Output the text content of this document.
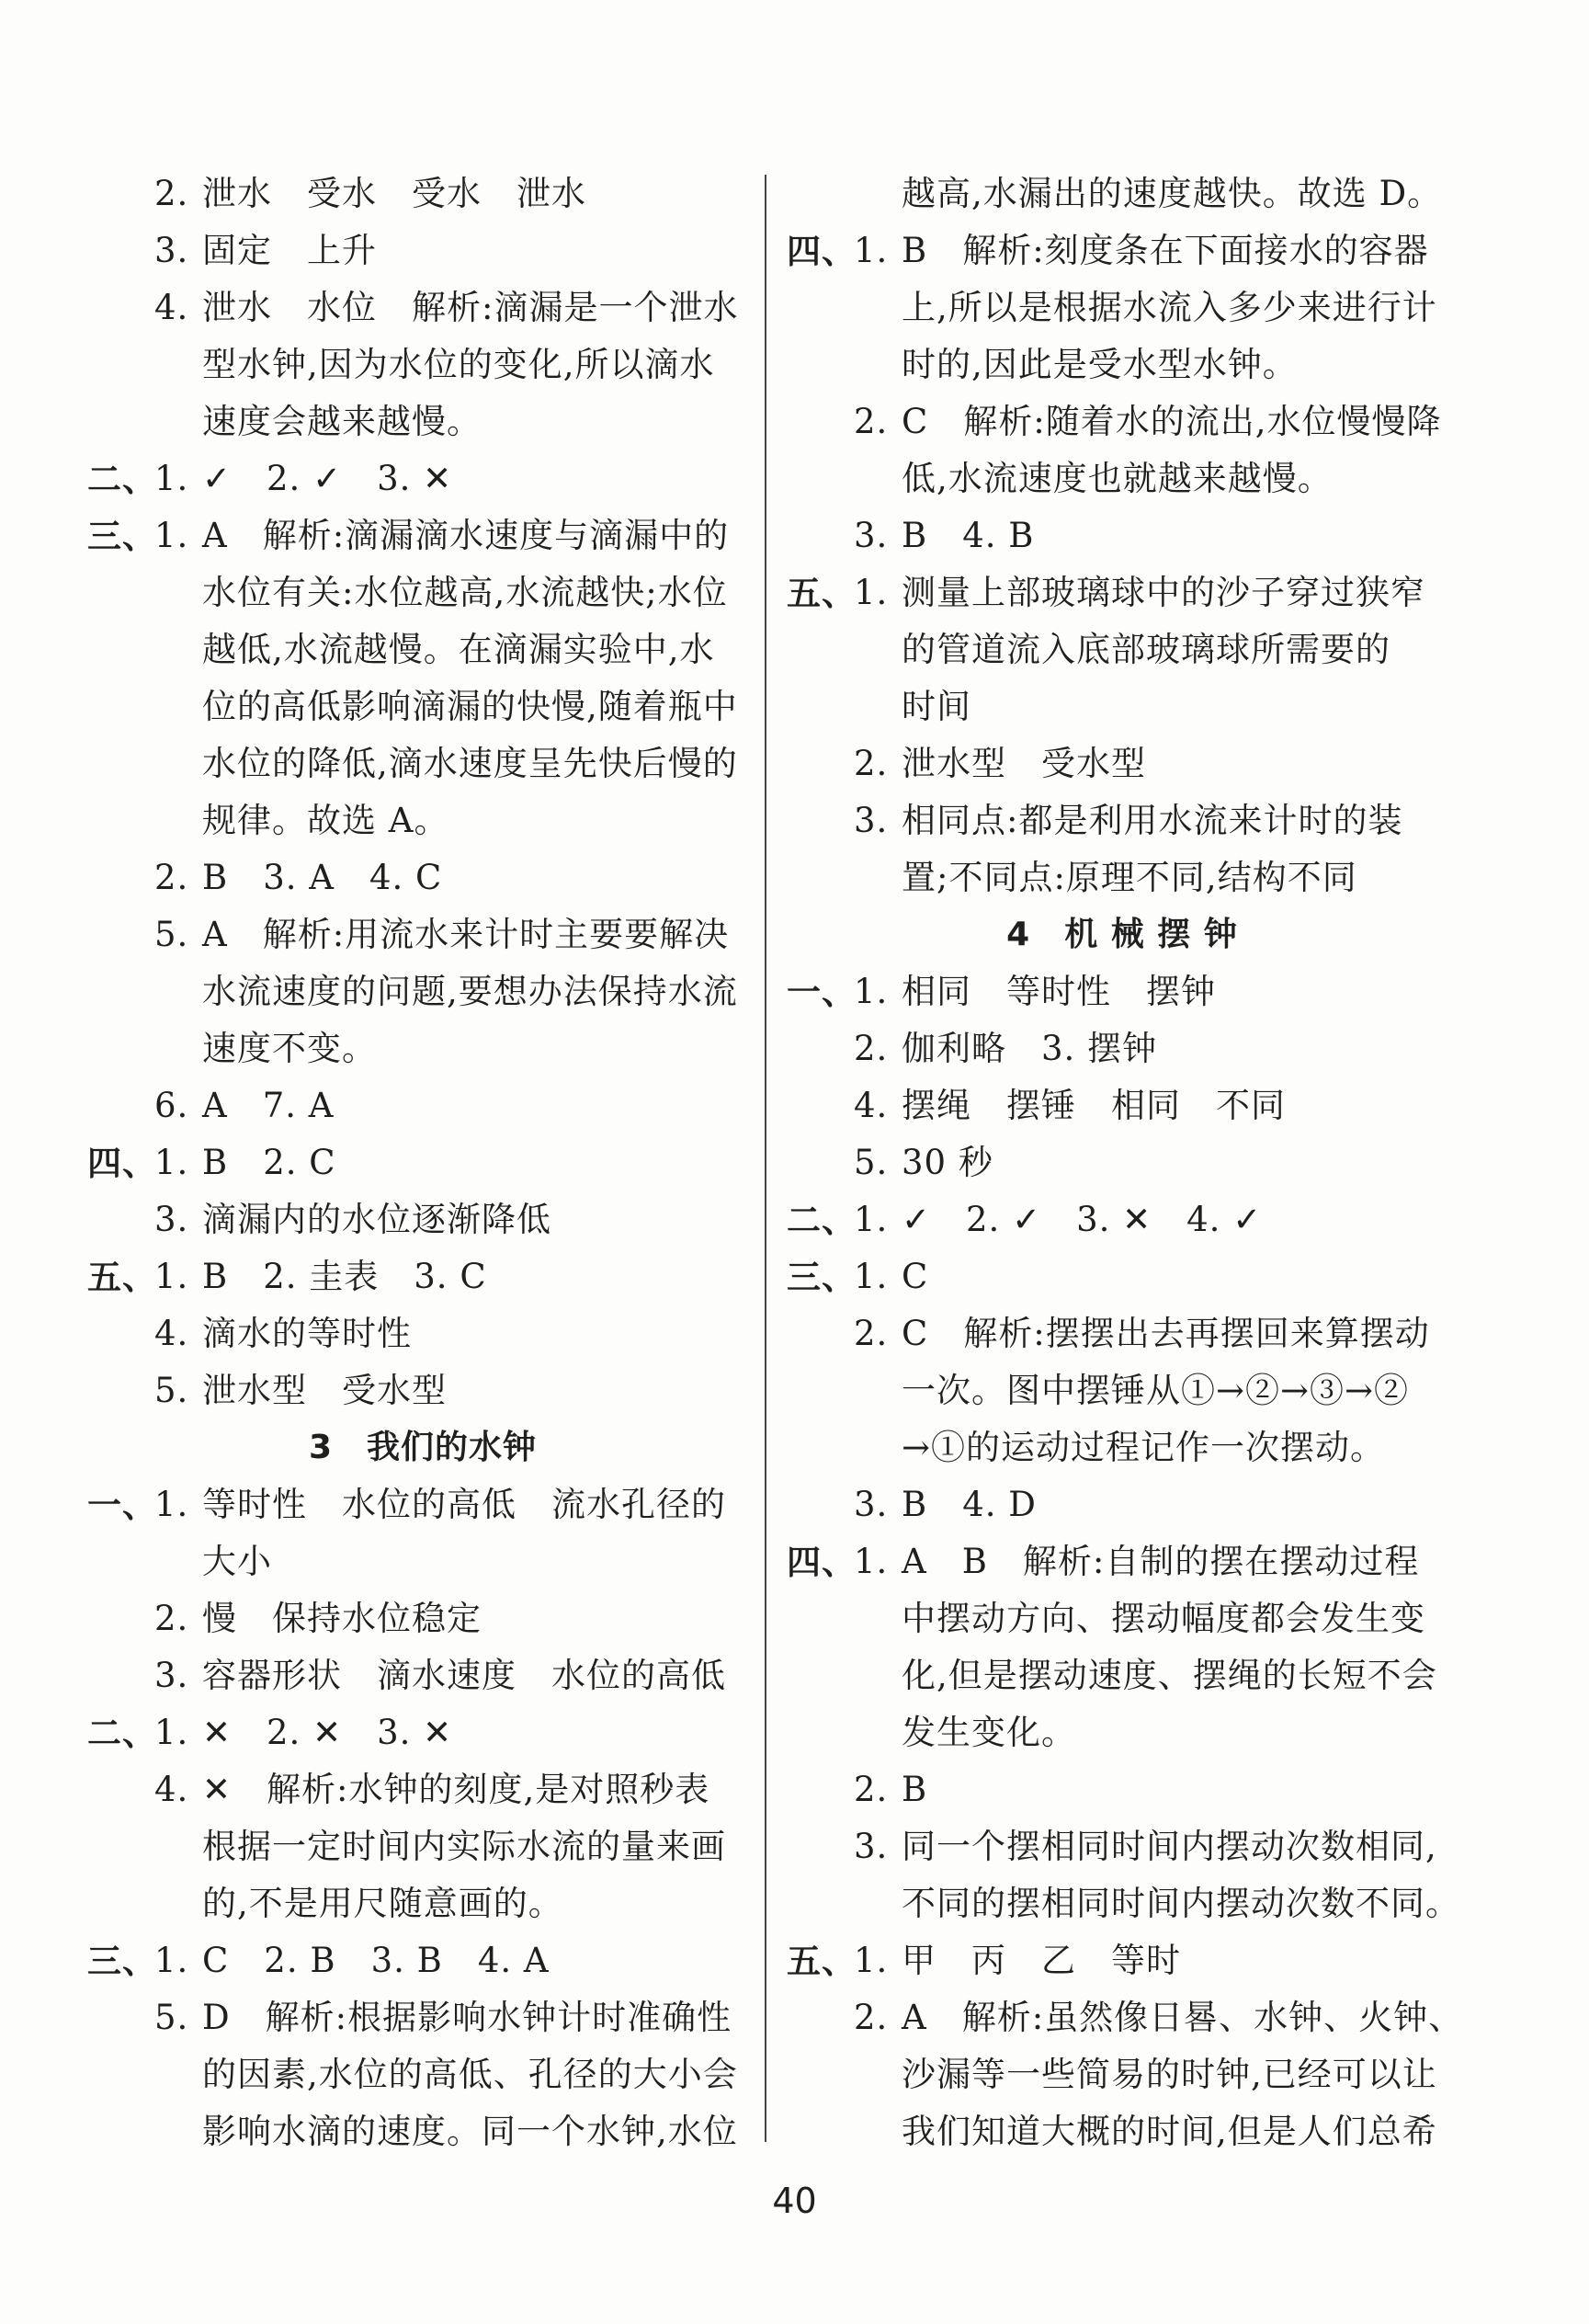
2. 泄水　受水　受水　泄水
3. 固定　上升
4. 泄水　水位　解析:滴漏是一个泄水
型水钟,因为水位的变化,所以滴水
速度会越来越慢。
二、
1. ✓　2. ✓　3. ✕
三、
1. A　解析:滴漏滴水速度与滴漏中的
水位有关:水位越高,水流越快;水位
越低,水流越慢。在滴漏实验中,水
位的高低影响滴漏的快慢,随着瓶中
水位的降低,滴水速度呈先快后慢的
规律。故选 A。
2. B　3. A　4. C
5. A　解析:用流水来计时主要要解决
水流速度的问题,要想办法保持水流
速度不变。
6. A　7. A
四、
1. B　2. C
3. 滴漏内的水位逐渐降低
五、
1. B　2. 圭表　3. C
4. 滴水的等时性
5. 泄水型　受水型
3　我们的水钟
一、
1. 等时性　水位的高低　流水孔径的
大小
2. 慢　保持水位稳定
3. 容器形状　滴水速度　水位的高低
二、
1. ✕　2. ✕　3. ✕
4. ✕　解析:水钟的刻度,是对照秒表
根据一定时间内实际水流的量来画
的,不是用尺随意画的。
三、
1. C　2. B　3. B　4. A
5. D　解析:根据影响水钟计时准确性
的因素,水位的高低、孔径的大小会
影响水滴的速度。同一个水钟,水位
越高,水漏出的速度越快。故选 D。
四、
1. B　解析:刻度条在下面接水的容器
上,所以是根据水流入多少来进行计
时的,因此是受水型水钟。
2. C　解析:随着水的流出,水位慢慢降
低,水流速度也就越来越慢。
3. B　4. B
五、
1. 测量上部玻璃球中的沙子穿过狭窄
的管道流入底部玻璃球所需要的
时间
2. 泄水型　受水型
3. 相同点:都是利用水流来计时的装
置;不同点:原理不同,结构不同
4　机 械 摆 钟
一、
1. 相同　等时性　摆钟
2. 伽利略　3. 摆钟
4. 摆绳　摆锤　相同　不同
5. 30 秒
二、
1. ✓　2. ✓　3. ✕　4. ✓
三、
1. C
2. C　解析:摆摆出去再摆回来算摆动
一次。图中摆锤从①→②→③→②
→①的运动过程记作一次摆动。
3. B　4. D
四、
1. A　B　解析:自制的摆在摆动过程
中摆动方向、摆动幅度都会发生变
化,但是摆动速度、摆绳的长短不会
发生变化。
2. B
3. 同一个摆相同时间内摆动次数相同,
不同的摆相同时间内摆动次数不同。
五、
1. 甲　丙　乙　等时
2. A　解析:虽然像日晷、水钟、火钟、
沙漏等一些简易的时钟,已经可以让
我们知道大概的时间,但是人们总希
40
